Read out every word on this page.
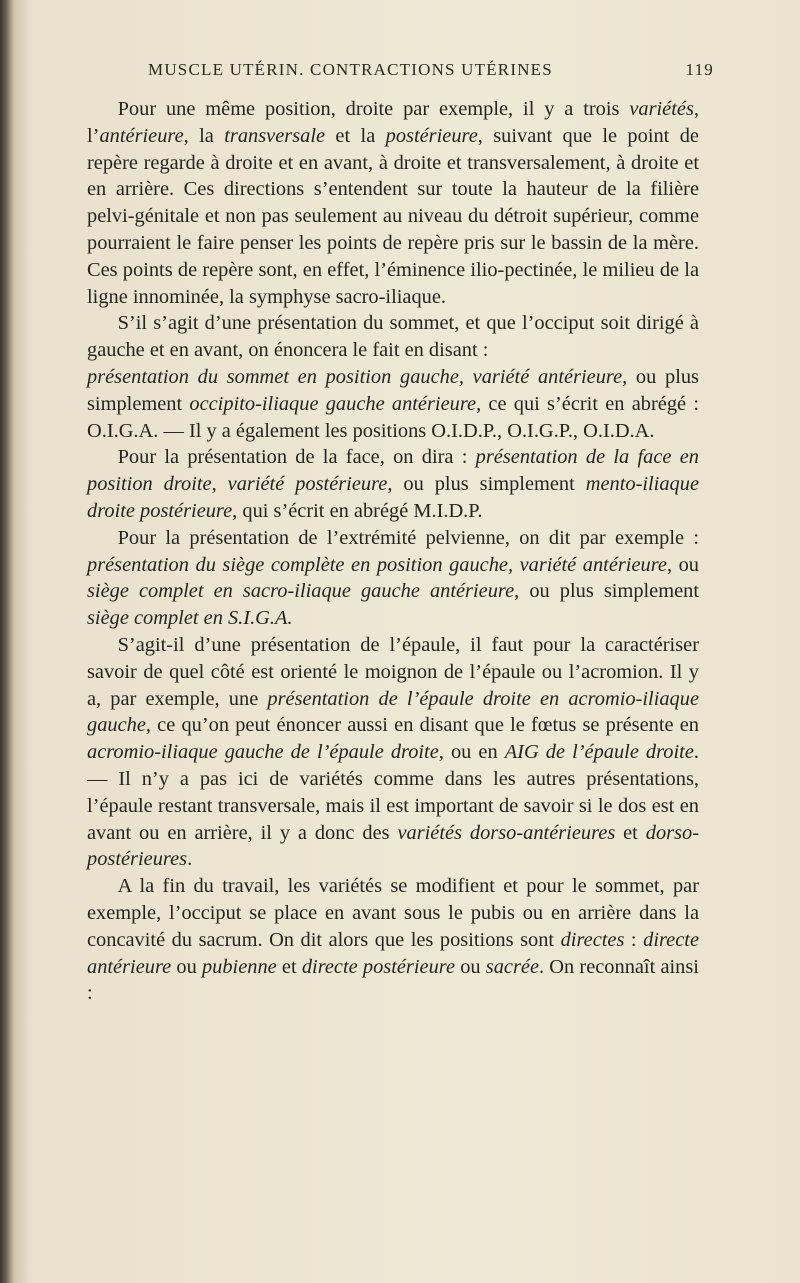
MUSCLE UTÉRIN. CONTRACTIONS UTÉRINES	119

Pour une même position, droite par exemple, il y a trois variétés, l’antérieure, la transversale et la postérieure, suivant que le point de repère regarde à droite et en avant, à droite et transversalement, à droite et en arrière. Ces directions s’entendent sur toute la hauteur de la filière pelvi-génitale et non pas seulement au niveau du détroit supérieur, comme pourraient le faire penser les points de repère pris sur le bassin de la mère. Ces points de repère sont, en effet, l’éminence ilio-pectinée, le milieu de la ligne innominée, la symphyse sacro-iliaque.

S’il s’agit d’une présentation du sommet, et que l’occiput soit dirigé à gauche et en avant, on énoncera le fait en disant :

présentation du sommet en position gauche, variété antérieure, ou plus simplement occipito-iliaque gauche antérieure, ce qui s’écrit en abrégé : O.I.G.A. — Il y a également les positions O.I.D.P., O.I.G.P., O.I.D.A.

Pour la présentation de la face, on dira : présentation de la face en position droite, variété postérieure, ou plus simplement mento-iliaque droite postérieure, qui s’écrit en abrégé M.I.D.P.

Pour la présentation de l’extrémité pelvienne, on dit par exemple : présentation du siège complète en position gauche, variété antérieure, ou siège complet en sacro-iliaque gauche antérieure, ou plus simplement siège complet en S.I.G.A.

S’agit-il d’une présentation de l’épaule, il faut pour la caractériser savoir de quel côté est orienté le moignon de l’épaule ou l’acromion. Il y a, par exemple, une présentation de l’épaule droite en acromio-iliaque gauche, ce qu’on peut énoncer aussi en disant que le fœtus se présente en acromio-iliaque gauche de l’épaule droite, ou en AIG de l’épaule droite. — Il n’y a pas ici de variétés comme dans les autres présentations, l’épaule restant transversale, mais il est important de savoir si le dos est en avant ou en arrière, il y a donc des variétés dorso-antérieures et dorso-postérieures.

A la fin du travail, les variétés se modifient et pour le sommet, par exemple, l’occiput se place en avant sous le pubis ou en arrière dans la concavité du sacrum. On dit alors que les positions sont directes : directe antérieure ou pubienne et directe postérieure ou sacrée. On reconnaît ainsi :
